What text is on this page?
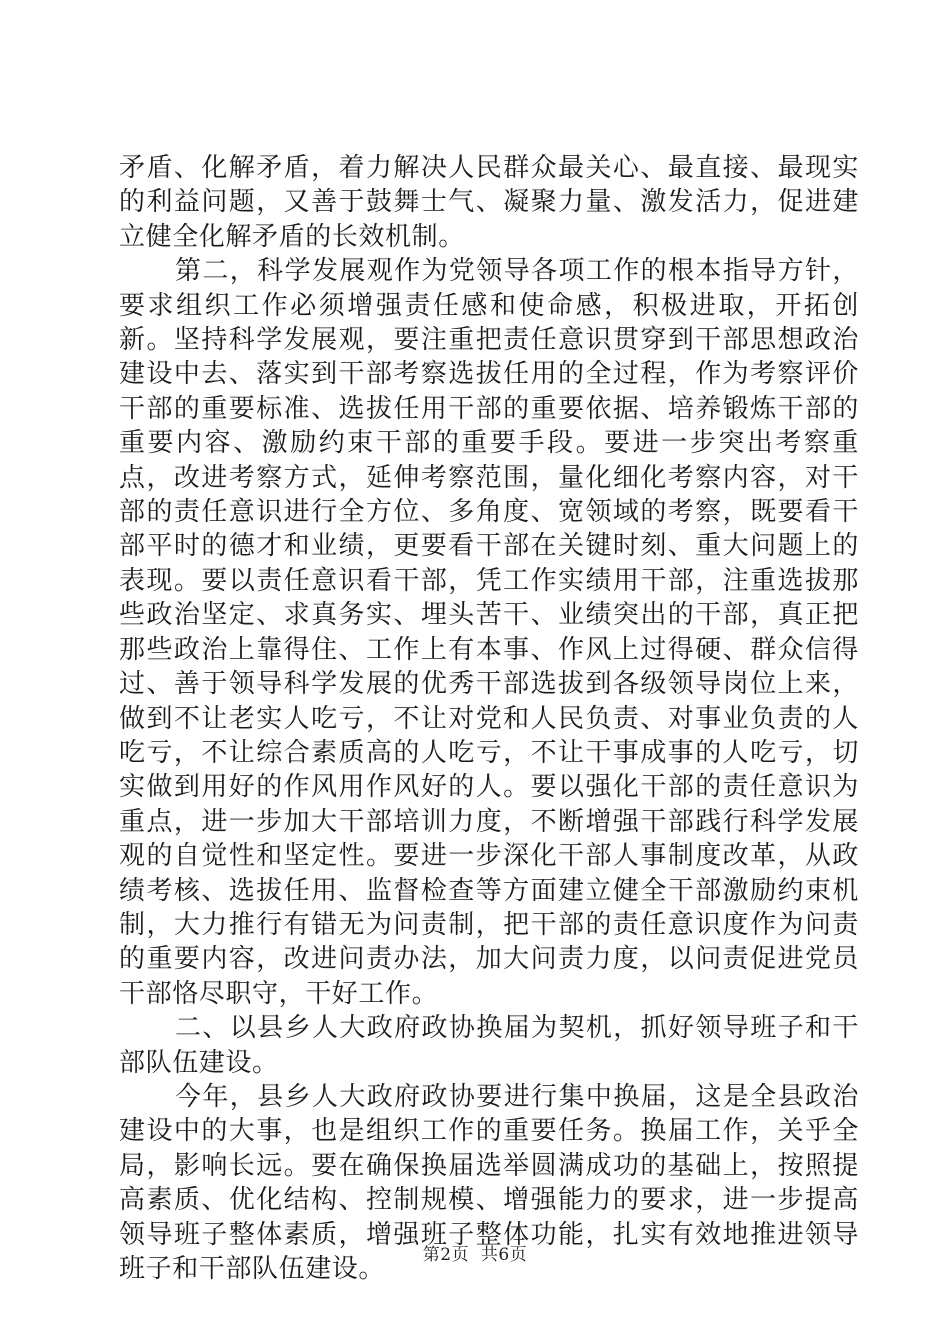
矛盾、化解矛盾，着力解决人民群众最关心、最直接、最现实的利益问题，又善于鼓舞士气、凝聚力量、激发活力，促进建立健全化解矛盾的长效机制。

第二，科学发展观作为党领导各项工作的根本指导方针，要求组织工作必须增强责任感和使命感，积极进取，开拓创新。坚持科学发展观，要注重把责任意识贯穿到干部思想政治建设中去、落实到干部考察选拔任用的全过程，作为考察评价干部的重要标准、选拔任用干部的重要依据、培养锻炼干部的重要内容、激励约束干部的重要手段。要进一步突出考察重点，改进考察方式，延伸考察范围，量化细化考察内容，对干部的责任意识进行全方位、多角度、宽领域的考察，既要看干部平时的德才和业绩，更要看干部在关键时刻、重大问题上的表现。要以责任意识看干部，凭工作实绩用干部，注重选拔那些政治坚定、求真务实、埋头苦干、业绩突出的干部，真正把那些政治上靠得住、工作上有本事、作风上过得硬、群众信得过、善于领导科学发展的优秀干部选拔到各级领导岗位上来，做到不让老实人吃亏，不让对党和人民负责、对事业负责的人吃亏，不让综合素质高的人吃亏，不让干事成事的人吃亏，切实做到用好的作风用作风好的人。要以强化干部的责任意识为重点，进一步加大干部培训力度，不断增强干部践行科学发展观的自觉性和坚定性。要进一步深化干部人事制度改革，从政绩考核、选拔任用、监督检查等方面建立健全干部激励约束机制，大力推行有错无为问责制，把干部的责任意识度作为问责的重要内容，改进问责办法，加大问责力度，以问责促进党员干部恪尽职守，干好工作。

二、以县乡人大政府政协换届为契机，抓好领导班子和干部队伍建设。

今年，县乡人大政府政协要进行集中换届，这是全县政治建设中的大事，也是组织工作的重要任务。换届工作，关乎全局，影响长远。要在确保换届选举圆满成功的基础上，按照提高素质、优化结构、控制规模、增强能力的要求，进一步提高领导班子整体素质，增强班子整体功能，扎实有效地推进领导班子和干部队伍建设。	第2页  共6页
